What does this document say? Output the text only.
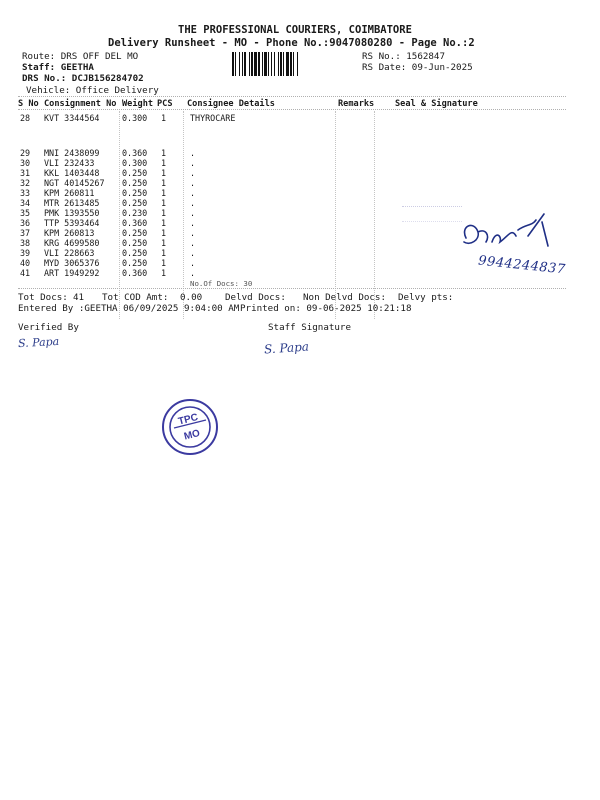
THE PROFESSIONAL COURIERS, COIMBATORE
Delivery Runsheet - MO - Phone No.:9047080280 - Page No.:2
Route: DRS OFF DEL MO
Staff: GEETHA
DRS No.: DCJB156284702
Vehicle: Office Delivery
RS No.: 1562847
RS Date: 09-Jun-2025
S No Consignment No Weight PCS Consignee Details	Remarks Seal & Signature
28 KVT 3344564	0.300 1	THYROCARE
29 MNI 2438099	0.360 1	.
30 VLI 232433	0.300 1	.
31 KKL 1403448	0.250 1	.
32 NGT 40145267 0.250 1	.
33 KPM 260811	0.250 1	.
34 MTR 2613485	0.250 1	.
35 PMK 1393550	0.230 1	.
36 TTP 5393464	0.360 1	.
37 KPM 260813	0.250 1	.
38 KRG 4699580	0.250 1	.
39 VLI 228663	0.250 1	.
40 MYD 3065376	0.250 1	.
41 ART 1949292	0.360 1	.
No.Of Docs: 30
Tot Docs: 41 Tot COD Amt: 0.00 Delvd Docs: Non Delvd Docs: Delvy pts:
Entered By :GEETHA 06/09/2025 9:04:00 AM Printed on: 09-06-2025 10:21:18
Verified By	Staff Signature
S. Papa	S. Papa
9944244837
TPC
MO
